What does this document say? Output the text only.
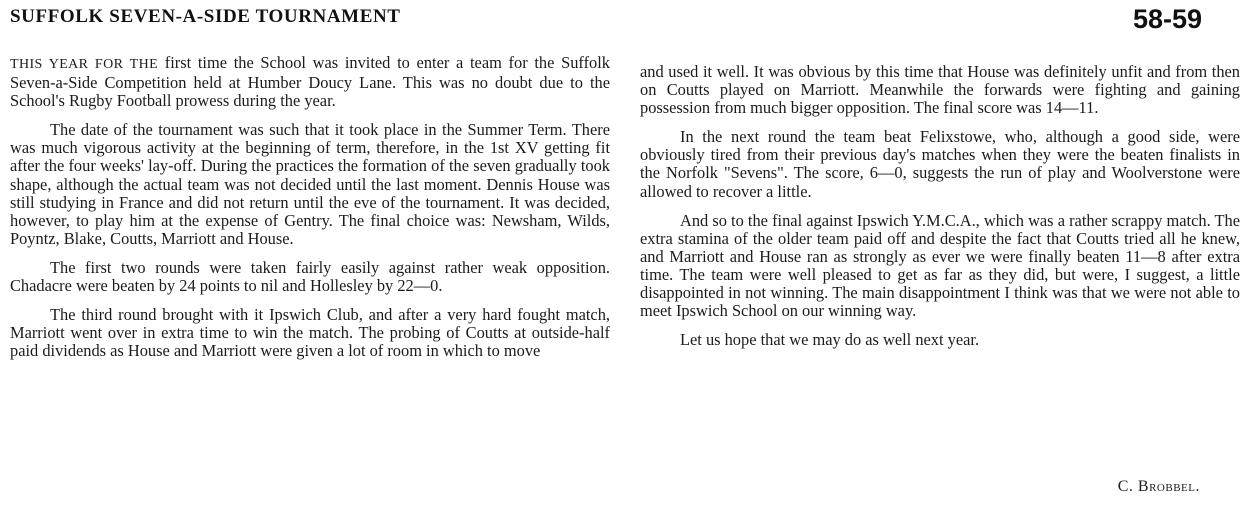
SUFFOLK SEVEN-A-SIDE TOURNAMENT	58-59

THIS YEAR FOR THE first time the School was invited to enter a team for the Suffolk Seven-a-Side Competition held at Humber Doucy Lane. This was no doubt due to the School's Rugby Football prowess during the year.

The date of the tournament was such that it took place in the Summer Term. There was much vigorous activity at the beginning of term, therefore, in the 1st XV getting fit after the four weeks' lay-off. During the practices the formation of the seven gradually took shape, although the actual team was not decided until the last moment. Dennis House was still studying in France and did not return until the eve of the tournament. It was decided, however, to play him at the expense of Gentry. The final choice was: Newsham, Wilds, Poyntz, Blake, Coutts, Marriott and House.

The first two rounds were taken fairly easily against rather weak opposition. Chadacre were beaten by 24 points to nil and Hollesley by 22—0.

The third round brought with it Ipswich Club, and after a very hard fought match, Marriott went over in extra time to win the match. The probing of Coutts at outside-half paid dividends as House and Marriott were given a lot of room in which to move

and used it well. It was obvious by this time that House was definitely unfit and from then on Coutts played on Marriott. Meanwhile the forwards were fighting and gaining possession from much bigger opposition. The final score was 14—11.

In the next round the team beat Felixstowe, who, although a good side, were obviously tired from their previous day's matches when they were the beaten finalists in the Norfolk "Sevens". The score, 6—0, suggests the run of play and Woolverstone were allowed to recover a little.

And so to the final against Ipswich Y.M.C.A., which was a rather scrappy match. The extra stamina of the older team paid off and despite the fact that Coutts tried all he knew, and Marriott and House ran as strongly as ever we were finally beaten 11—8 after extra time. The team were well pleased to get as far as they did, but were, I suggest, a little disappointed in not winning. The main disappointment I think was that we were not able to meet Ipswich School on our winning way.

Let us hope that we may do as well next year.

C. Brobbel.
